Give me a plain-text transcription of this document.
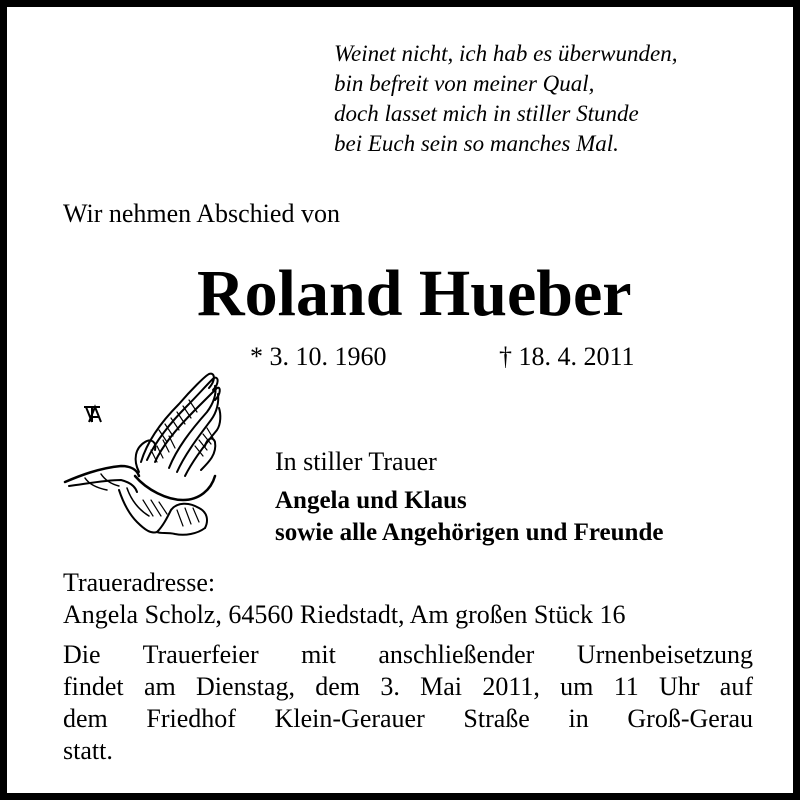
Weinet nicht, ich hab es überwunden,
bin befreit von meiner Qual,
doch lasset mich in stiller Stunde
bei Euch sein so manches Mal.
Wir nehmen Abschied von
Roland Hueber
* 3. 10. 1960	† 18. 4. 2011
In stiller Trauer
Angela und Klaus
sowie alle Angehörigen und Freunde
Traueradresse:
Angela Scholz, 64560 Riedstadt, Am großen Stück 16
Die Trauerfeier mit anschließender Urnenbeisetzung
findet am Dienstag, dem 3. Mai 2011, um 11 Uhr auf
dem Friedhof Klein-Gerauer Straße in Groß-Gerau
statt.
